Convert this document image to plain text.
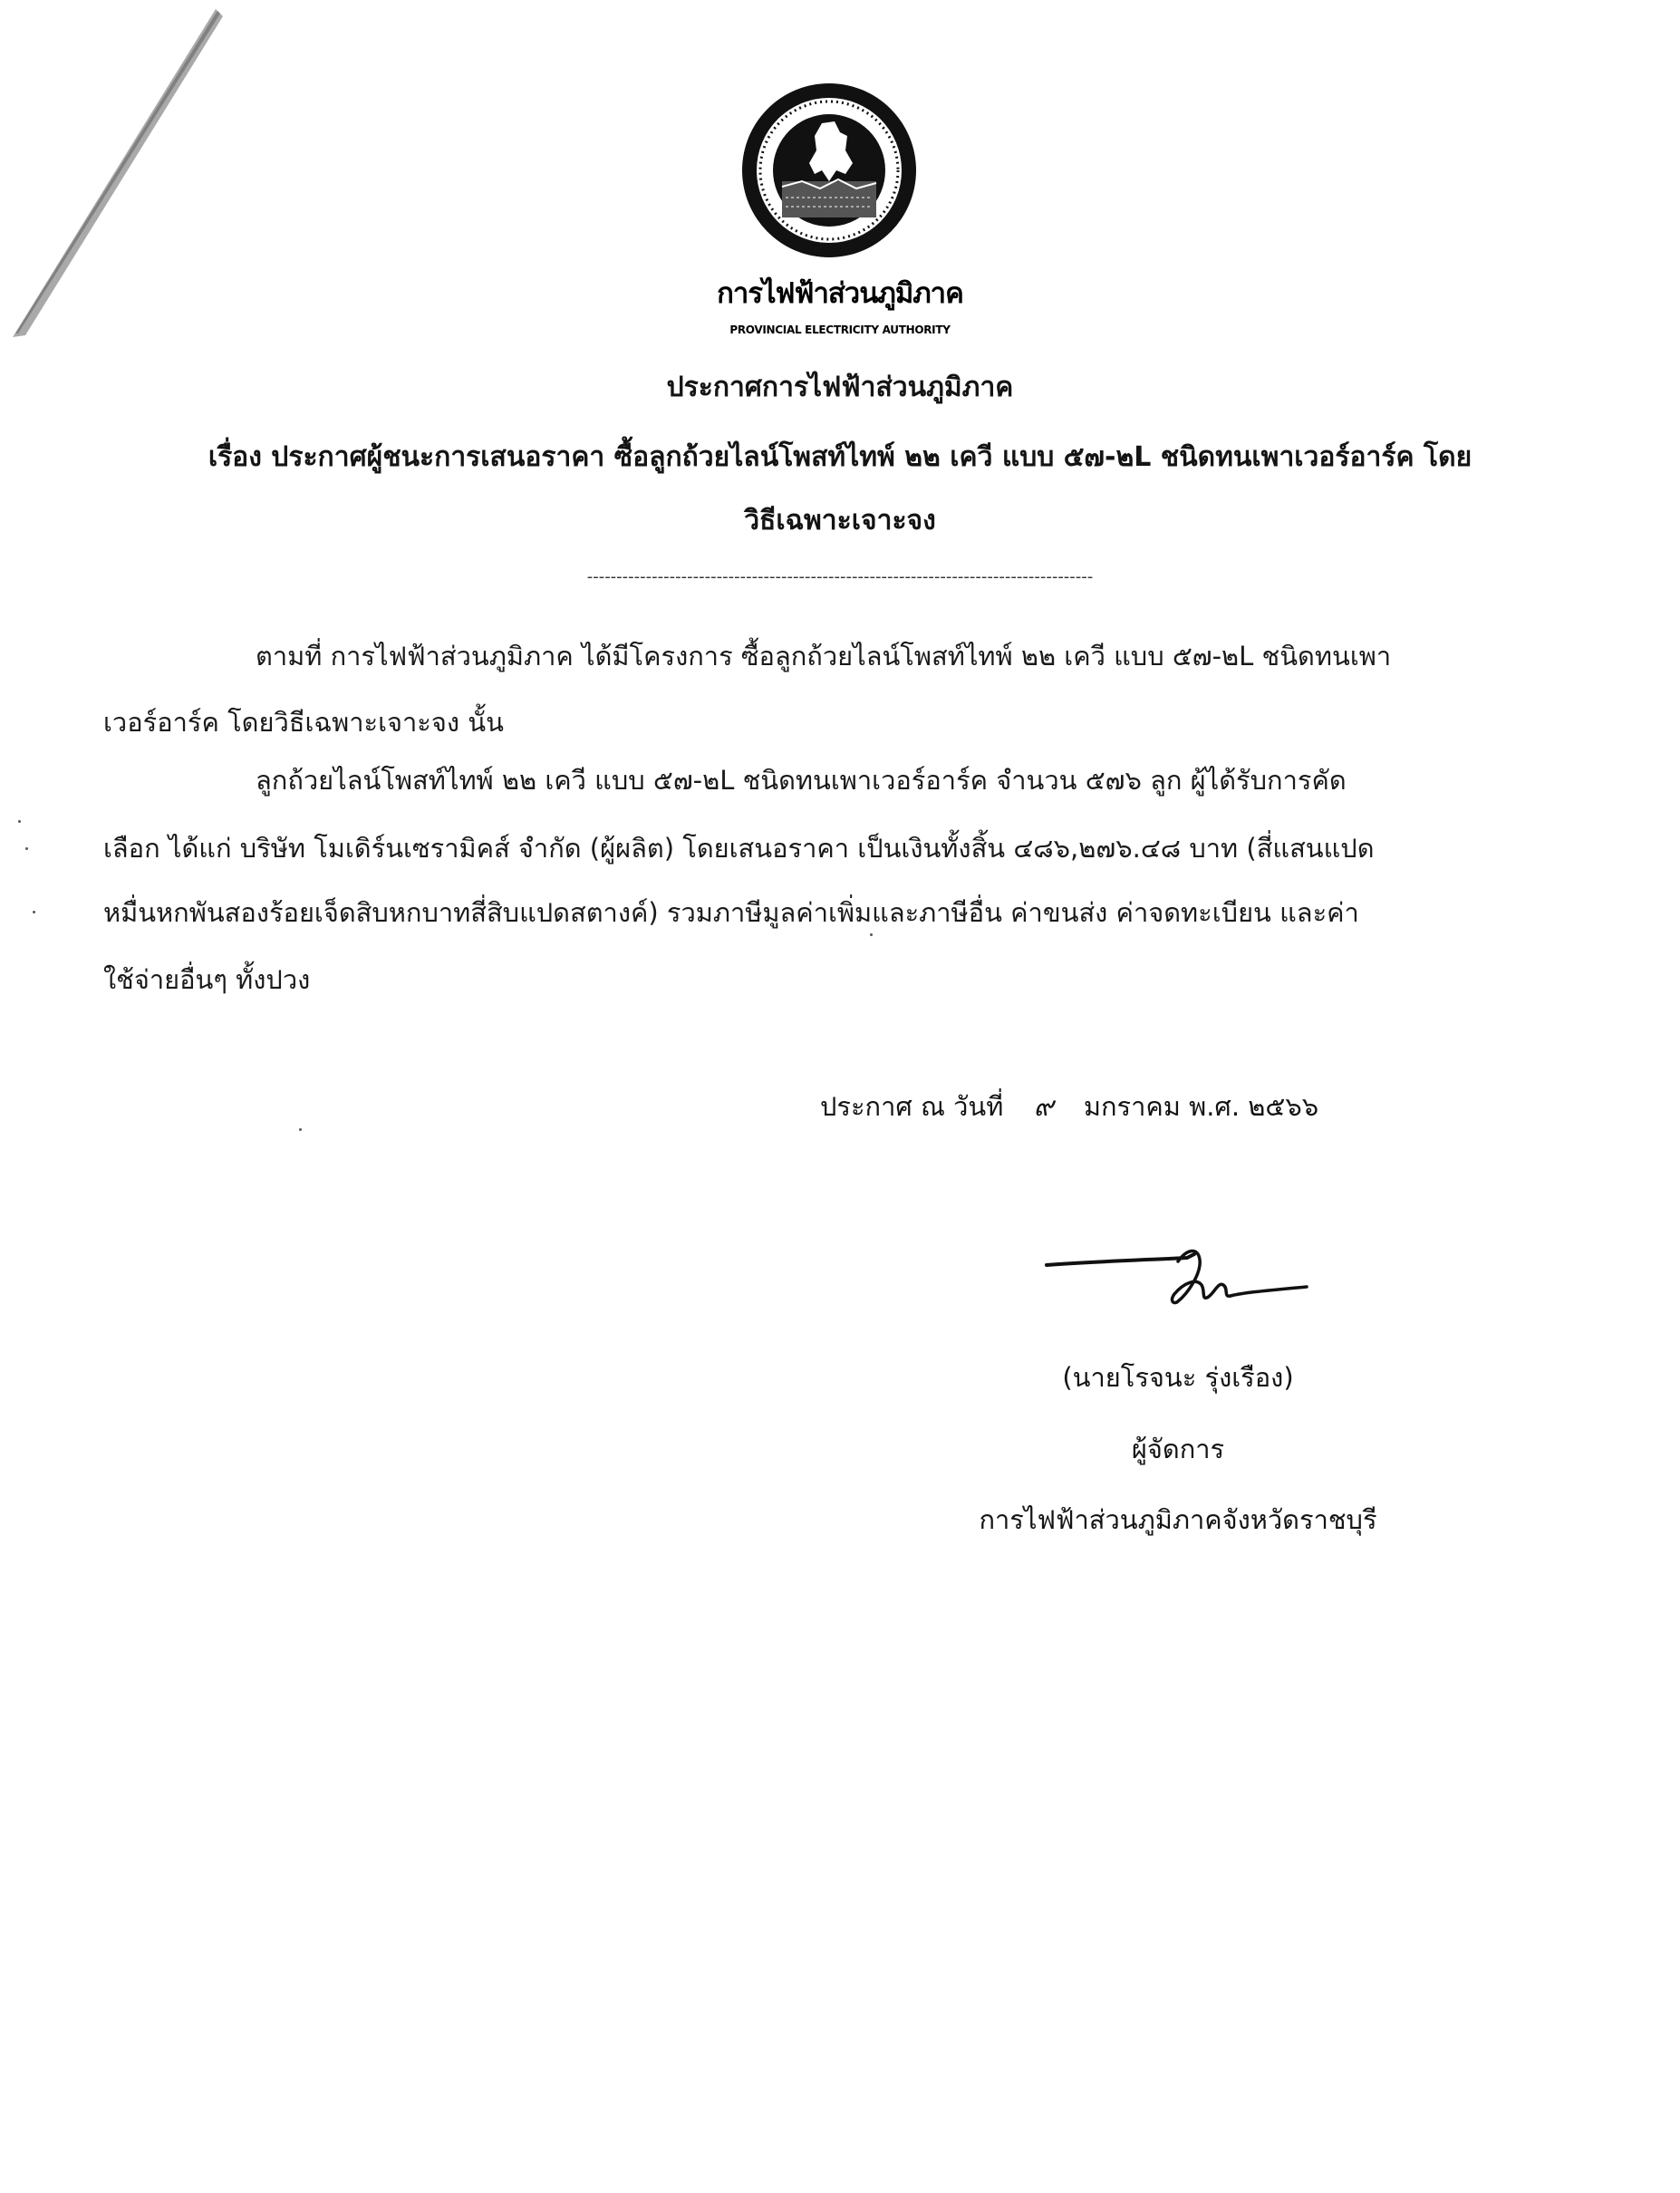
การไฟฟ้าส่วนภูมิภาค
PROVINCIAL ELECTRICITY AUTHORITY
ประกาศการไฟฟ้าส่วนภูมิภาค
เรื่อง ประกาศผู้ชนะการเสนอราคา ซื้อลูกถ้วยไลน์โพสท์ไทพ์ ๒๒ เควี แบบ ๕๗-๒L ชนิดทนเพาเวอร์อาร์ค โดย
วิธีเฉพาะเจาะจง
--------------------------------------------------------------------------------------
ตามที่ การไฟฟ้าส่วนภูมิภาค ได้มีโครงการ ซื้อลูกถ้วยไลน์โพสท์ไทพ์ ๒๒ เควี แบบ ๕๗-๒L ชนิดทนเพา
เวอร์อาร์ค โดยวิธีเฉพาะเจาะจง นั้น
ลูกถ้วยไลน์โพสท์ไทพ์ ๒๒ เควี แบบ ๕๗-๒L ชนิดทนเพาเวอร์อาร์ค จำนวน ๕๗๖ ลูก ผู้ได้รับการคัด
เลือก ได้แก่ บริษัท โมเดิร์นเซรามิคส์ จำกัด (ผู้ผลิต) โดยเสนอราคา เป็นเงินทั้งสิ้น ๔๘๖,๒๗๖.๔๘ บาท (สี่แสนแปด
หมื่นหกพันสองร้อยเจ็ดสิบหกบาทสี่สิบแปดสตางค์) รวมภาษีมูลค่าเพิ่มและภาษีอื่น ค่าขนส่ง ค่าจดทะเบียน และค่า
ใช้จ่ายอื่นๆ ทั้งปวง
ประกาศ ณ วันที่ ๙ มกราคม พ.ศ. ๒๕๖๖
(นายโรจนะ รุ่งเรือง)
ผู้จัดการ
การไฟฟ้าส่วนภูมิภาคจังหวัดราชบุรี
